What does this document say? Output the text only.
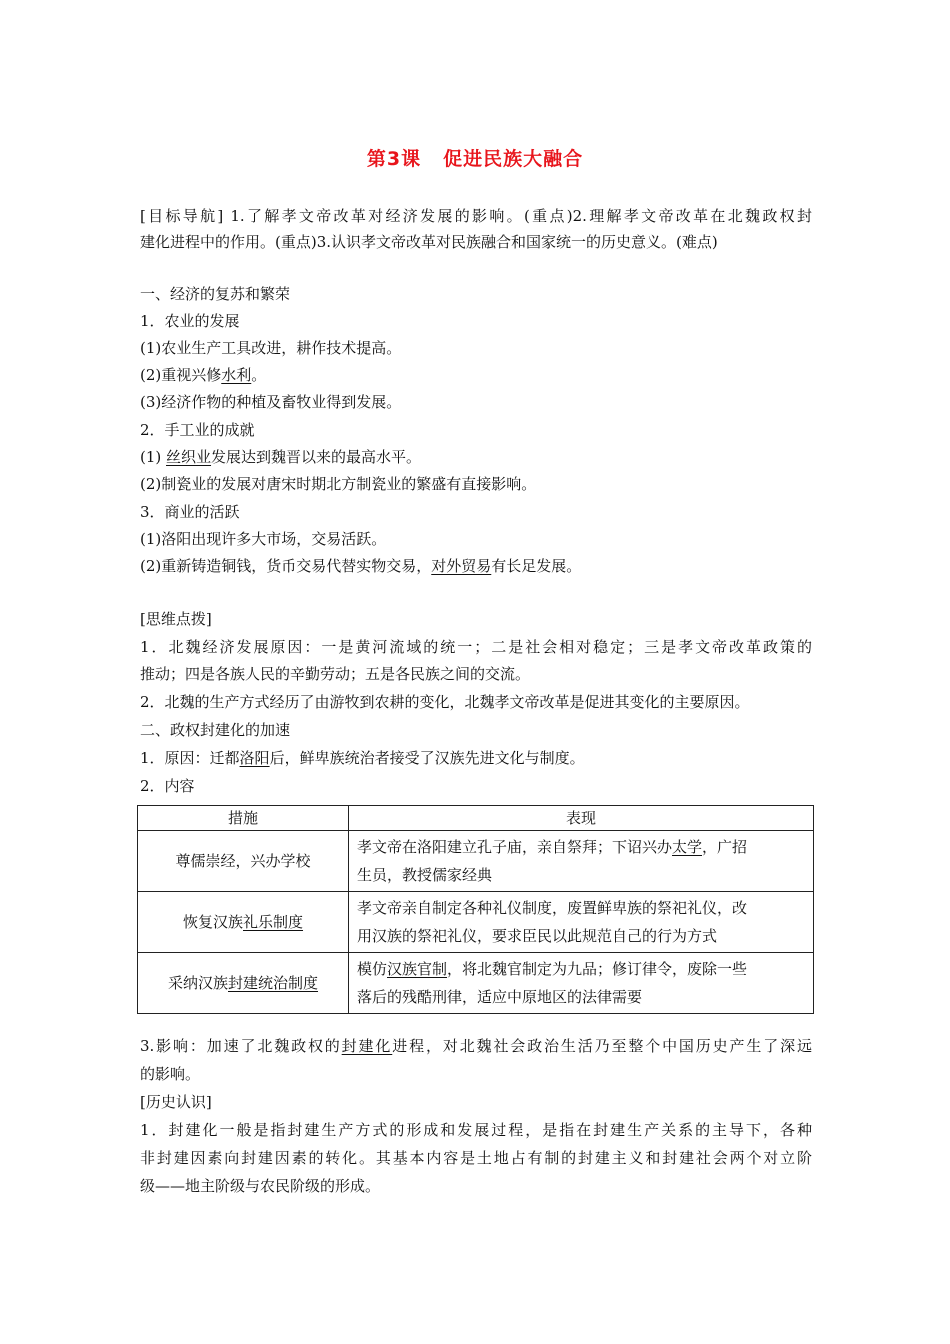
第3课 促进民族大融合
[目标导航] 1.了解孝文帝改革对经济发展的影响。(重点)2.理解孝文帝改革在北魏政权封
建化进程中的作用。(重点)3.认识孝文帝改革对民族融合和国家统一的历史意义。(难点)
一、经济的复苏和繁荣
1．农业的发展
(1)农业生产工具改进，耕作技术提高。
(2)重视兴修水利。
(3)经济作物的种植及畜牧业得到发展。
2．手工业的成就
(1) 丝织业发展达到魏晋以来的最高水平。
(2)制瓷业的发展对唐宋时期北方制瓷业的繁盛有直接影响。
3．商业的活跃
(1)洛阳出现许多大市场，交易活跃。
(2)重新铸造铜钱，货币交易代替实物交易，对外贸易有长足发展。
[思维点拨]
1．北魏经济发展原因：一是黄河流域的统一；二是社会相对稳定；三是孝文帝改革政策的
推动；四是各族人民的辛勤劳动；五是各民族之间的交流。
2．北魏的生产方式经历了由游牧到农耕的变化，北魏孝文帝改革是促进其变化的主要原因。
二、政权封建化的加速
1．原因：迁都洛阳后，鲜卑族统治者接受了汉族先进文化与制度。
2．内容
措施	表现
尊儒崇经，兴办学校	孝文帝在洛阳建立孔子庙，亲自祭拜；下诏兴办太学，广招
生员，教授儒家经典

恢复汉族礼乐制度	孝文帝亲自制定各种礼仪制度，废置鲜卑族的祭祀礼仪，改
用汉族的祭祀礼仪，要求臣民以此规范自己的行为方式

采纳汉族封建统治制度	模仿汉族官制，将北魏官制定为九品；修订律令，废除一些
落后的残酷刑律，适应中原地区的法律需要
3.影响：加速了北魏政权的封建化进程，对北魏社会政治生活乃至整个中国历史产生了深远
的影响。
[历史认识]
1．封建化一般是指封建生产方式的形成和发展过程，是指在封建生产关系的主导下，各种
非封建因素向封建因素的转化。其基本内容是土地占有制的封建主义和封建社会两个对立阶
级——地主阶级与农民阶级的形成。
